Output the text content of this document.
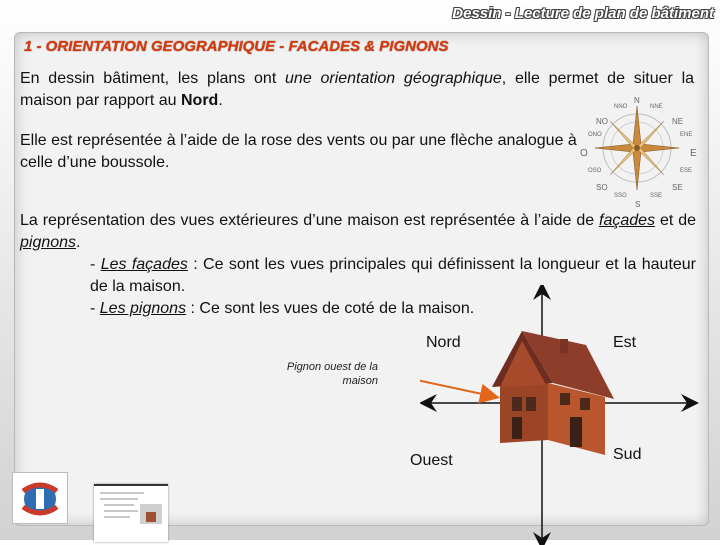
Dessin - Lecture de plan de bâtiment
1 - ORIENTATION GEOGRAPHIQUE - FACADES & PIGNONS
En dessin bâtiment, les plans ont une orientation géographique, elle permet de situer la maison par rapport au Nord.
Elle est représentée à l’aide de la rose des vents ou par une flèche analogue à celle d’une boussole.
La représentation des vues extérieures d’une maison est représentée à l’aide de façades et de pignons.
- Les façades : Ce sont les vues principales qui définissent la longueur et la hauteur de la maison.
- Les pignons : Ce sont les vues de coté de la maison.
N
S
O	E
NO	NE
SO	SE
NNO	NNE
ONO	ENE
OSO	ESE
SSO	SSE
Nord	Est
Ouest	Sud
Pignon ouest de la maison
